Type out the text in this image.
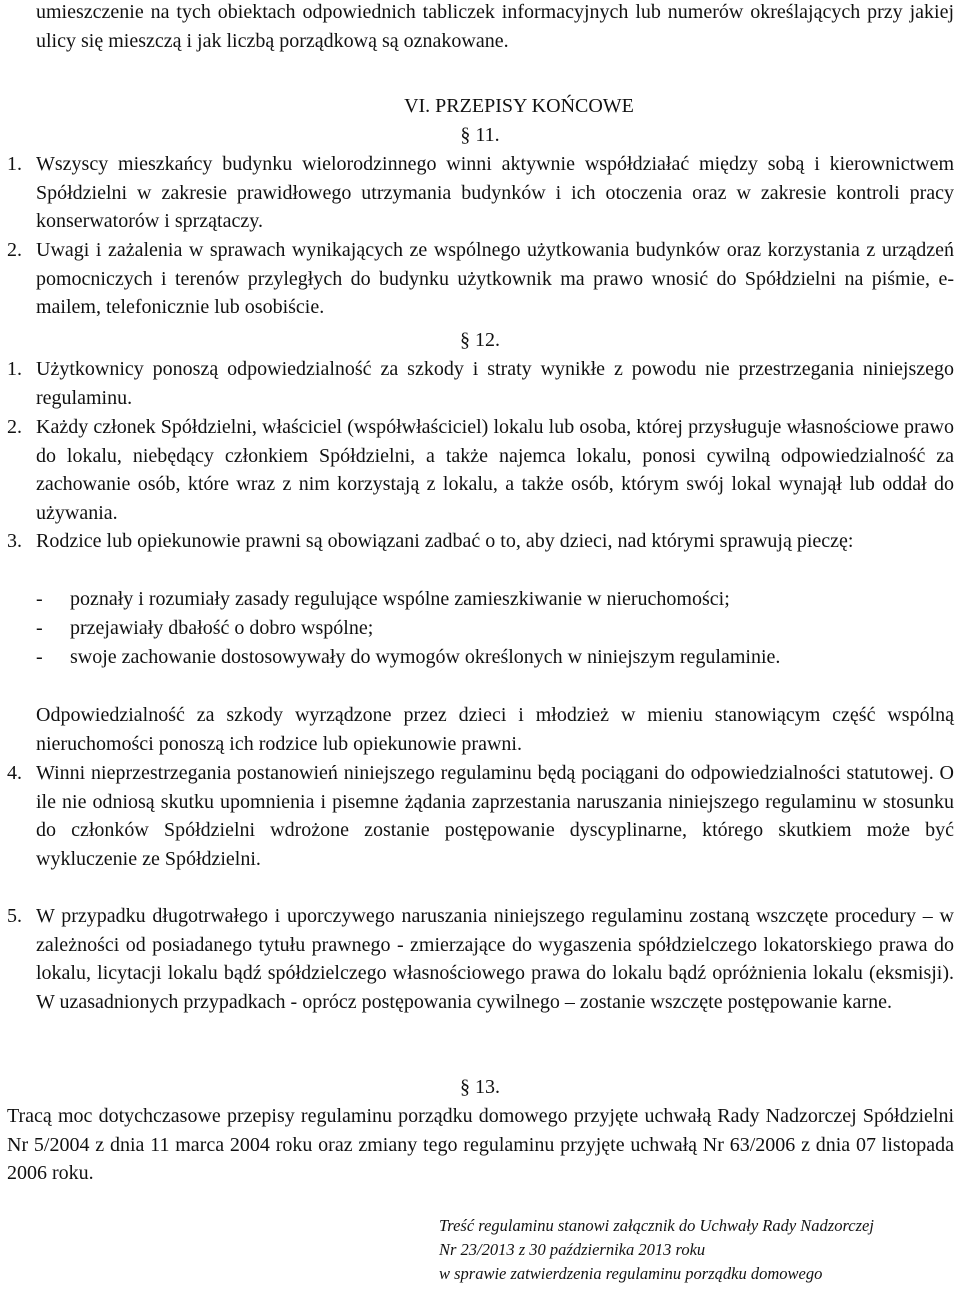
umieszczenie na tych obiektach odpowiednich tabliczek informacyjnych lub numerów określających przy jakiej ulicy się mieszczą i jak liczbą porządkową są oznakowane.

VI. PRZEPISY KOŃCOWE

§ 11.

1. Wszyscy mieszkańcy budynku wielorodzinnego winni aktywnie współdziałać między sobą i kierownictwem Spółdzielni w zakresie prawidłowego utrzymania budynków i ich otoczenia oraz w zakresie kontroli pracy konserwatorów i sprzątaczy.

2. Uwagi i zażalenia w sprawach wynikających ze wspólnego użytkowania budynków oraz korzystania z urządzeń pomocniczych i terenów przyległych do budynku użytkownik ma prawo wnosić do Spółdzielni na piśmie, e-mailem, telefonicznie lub osobiście.

§ 12.

1. Użytkownicy ponoszą odpowiedzialność za szkody i straty wynikłe z powodu nie przestrzegania niniejszego regulaminu.

2. Każdy członek Spółdzielni, właściciel (współwłaściciel) lokalu lub osoba, której przysługuje własnościowe prawo do lokalu, niebędący członkiem Spółdzielni, a także najemca lokalu, ponosi cywilną odpowiedzialność za zachowanie osób, które wraz z nim korzystają z lokalu, a także osób, którym swój lokal wynajął lub oddał do używania.

3. Rodzice lub opiekunowie prawni są obowiązani zadbać o to, aby dzieci, nad którymi sprawują pieczę:

- poznały i rozumiały zasady regulujące wspólne zamieszkiwanie w nieruchomości;

- przejawiały dbałość o dobro wspólne;

- swoje zachowanie dostosowywały do wymogów określonych w niniejszym regulaminie.

Odpowiedzialność za szkody wyrządzone przez dzieci i młodzież w mieniu stanowiącym część wspólną nieruchomości ponoszą ich rodzice lub opiekunowie prawni.

4. Winni nieprzestrzegania postanowień niniejszego regulaminu będą pociągani do odpowiedzialności statutowej. O ile nie odniosą skutku upomnienia i pisemne żądania zaprzestania naruszania niniejszego regulaminu w stosunku do członków Spółdzielni wdrożone zostanie postępowanie dyscyplinarne, którego skutkiem może być wykluczenie ze Spółdzielni.

5. W przypadku długotrwałego i uporczywego naruszania niniejszego regulaminu zostaną wszczęte procedury – w zależności od posiadanego tytułu prawnego - zmierzające do wygaszenia spółdzielczego lokatorskiego prawa do lokalu, licytacji lokalu bądź spółdzielczego własnościowego prawa do lokalu bądź opróżnienia lokalu (eksmisji). W uzasadnionych przypadkach - oprócz postępowania cywilnego – zostanie wszczęte postępowanie karne.

§ 13.

Tracą moc dotychczasowe przepisy regulaminu porządku domowego przyjęte uchwałą Rady Nadzorczej Spółdzielni Nr 5/2004 z dnia 11 marca 2004 roku oraz zmiany tego regulaminu przyjęte uchwałą Nr 63/2006 z dnia 07 listopada 2006 roku.

Treść regulaminu stanowi załącznik do Uchwały Rady Nadzorczej
Nr 23/2013 z 30 października 2013 roku
w sprawie zatwierdzenia regulaminu porządku domowego
